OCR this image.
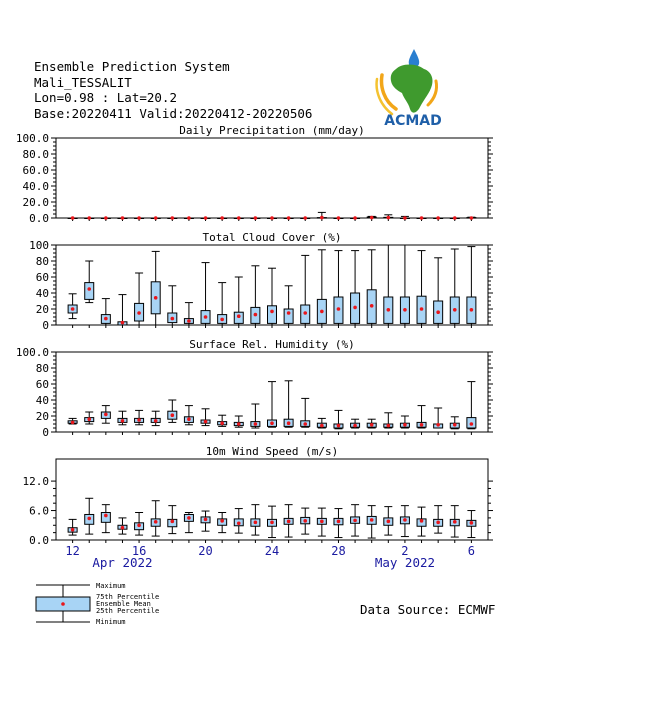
Ensemble Prediction System
Mali_TESSALIT
Lon=0.98 : Lat=20.2
Base:20220411 Valid:20220412-20220506	ACMAD
Daily Precipitation (mm/day)
0.0
20.0
40.0
60.0
80.0
100.0
Total Cloud Cover (%)
0
20
40
60
80
100
Surface Rel. Humidity (%)
0
20
40
60
80
100.0
10m Wind Speed (m/s)
0.0
6.0
12.0
12	16	20	24	28	2	6
Apr 2022	May 2022
Maximum
75th Percentile
Ensemble Mean
25th Percentile
Minimum
Data Source: ECMWF
